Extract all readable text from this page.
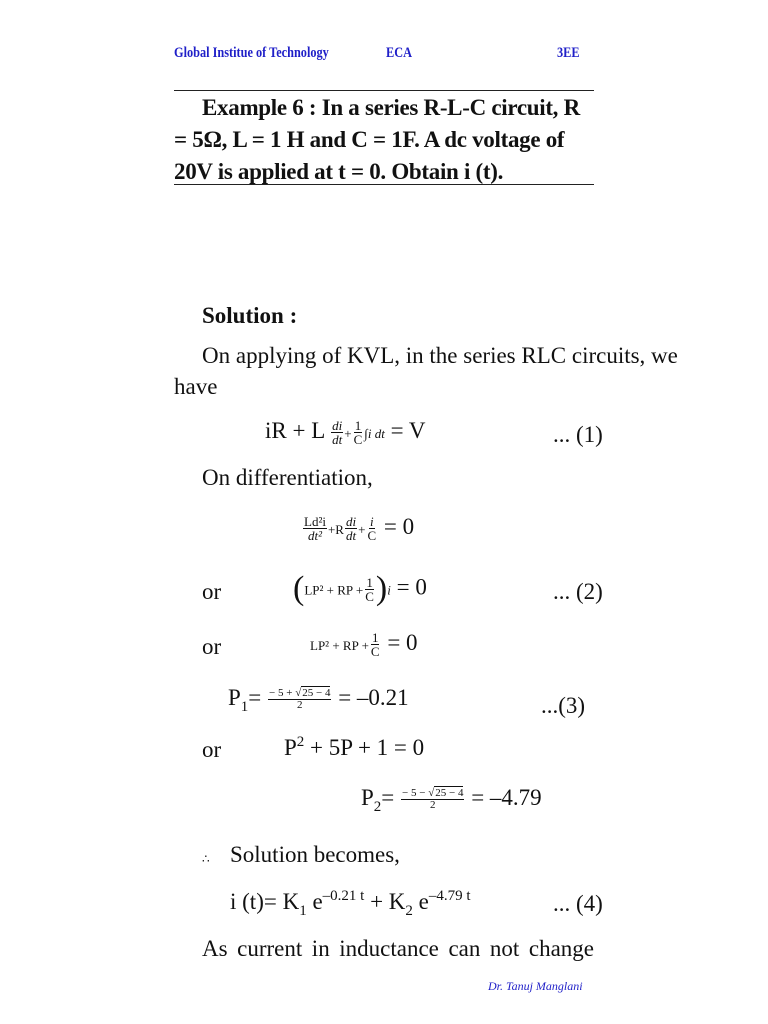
Global Institue of Technology	ECA	3EE
Example 6 : In a series R-L-C circuit, R = 5Ω, L = 1 H and C = 1F. A dc voltage of 20V is applied at t = 0. Obtain i (t).
Solution :
On applying of KVL, in the series RLC circuits, we
have
iR + L $\frac{di}{dt} + \frac{1}{C} \int i$ dt = V	... (1)
On differentiation,
$\frac{\text{Ld²i}}{\text{dt²}} +R \frac{di}{dt} + \frac{i}{C} = 0$
or (LP² + RP + $\frac{1}{C} )i = 0$	... (2)
or	LP² + RP + $\frac{1}{C} = 0$
$P_1= \frac{- 5 + √25 - 4}{2} = -0.21$	...(3)
or	$P^2 + 5P + 1 = 0$
$P_2= \frac{- 5 - √25 - 4}{2} = -4.79$
∴ Solution becomes,
i $(t)= K_1$ $e^{-0.21 t} + K_2$ $e^{-4.79 t}$	... (4)
As current in inductance can not change
Dr. Tanuj Manglani
